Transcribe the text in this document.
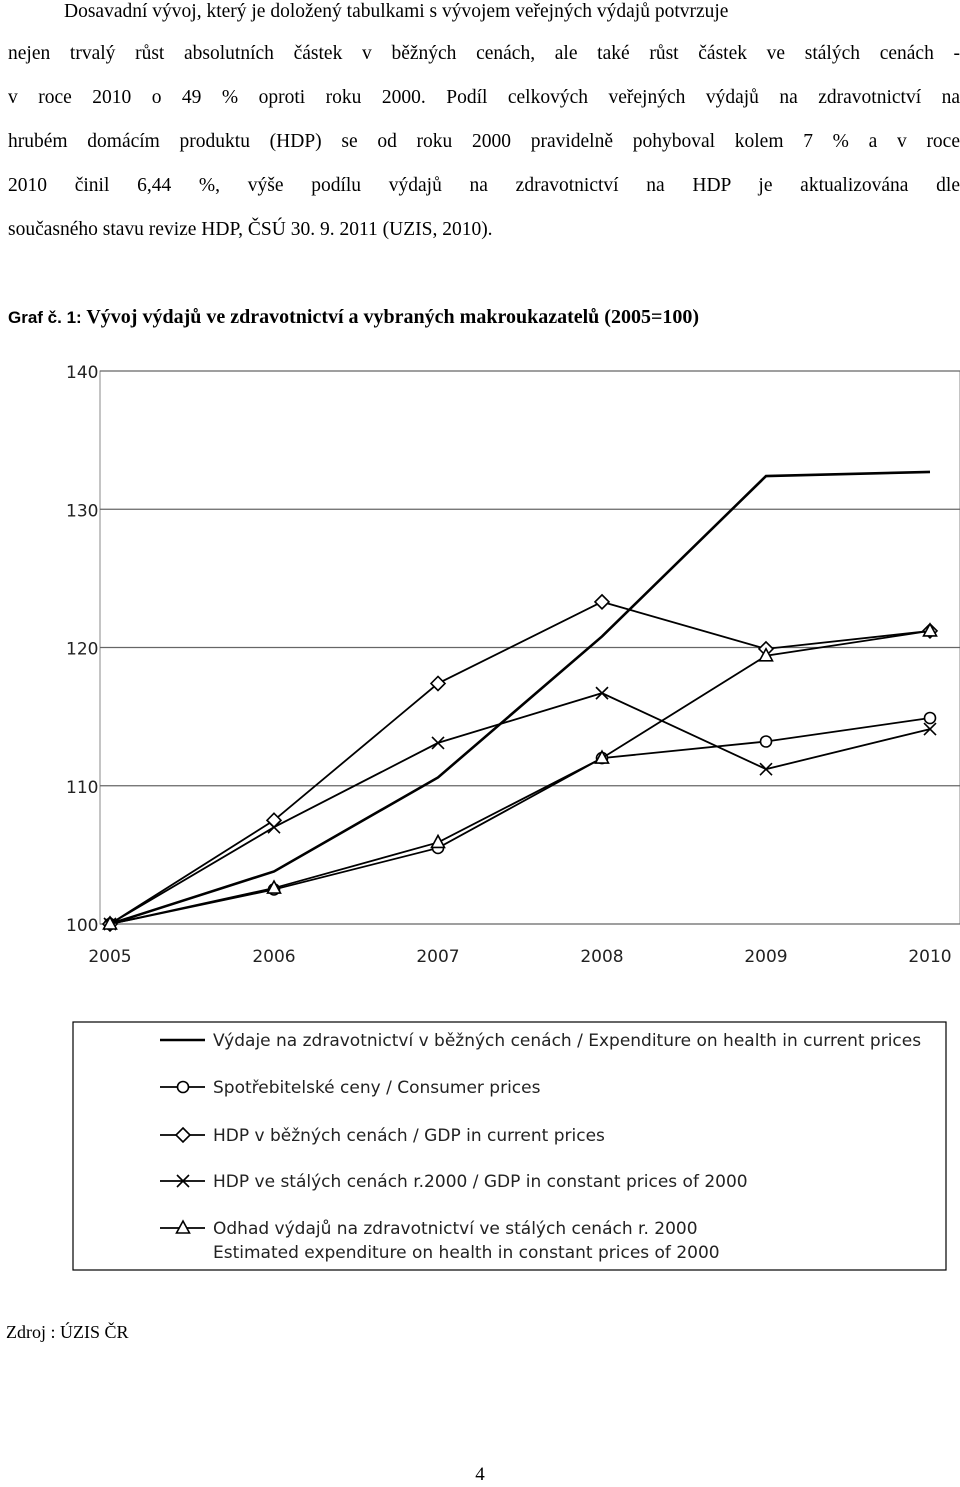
Dosavadní vývoj, který je doložený tabulkami s vývojem veřejných výdajů potvrzuje
nejen trvalý růst absolutních částek v běžných cenách, ale také růst částek ve stálých cenách -
v roce 2010 o 49 % oproti roku 2000. Podíl celkových veřejných výdajů na zdravotnictví na
hrubém domácím produktu (HDP) se od roku 2000 pravidelně pohyboval kolem 7 % a v roce
2010 činil 6,44 %, výše podílu výdajů na zdravotnictví na HDP je aktualizována dle
současného stavu revize HDP, ČSÚ 30. 9. 2011 (UZIS, 2010).
Graf č. 1: Vývoj výdajů ve zdravotnictví a vybraných makroukazatelů (2005=100)
100
110
120
130
140
2005	2006	2007	2008	2009	2010
Výdaje na zdravotnictví v běžných cenách / Expenditure on health in current prices
Spotřebitelské ceny / Consumer prices
HDP v běžných cenách / GDP in current prices
HDP ve stálých cenách r.2000 / GDP in constant prices of 2000
Odhad výdajů na zdravotnictví ve stálých cenách r. 2000
Estimated expenditure on health in constant prices of 2000
Zdroj : ÚZIS ČR
4
